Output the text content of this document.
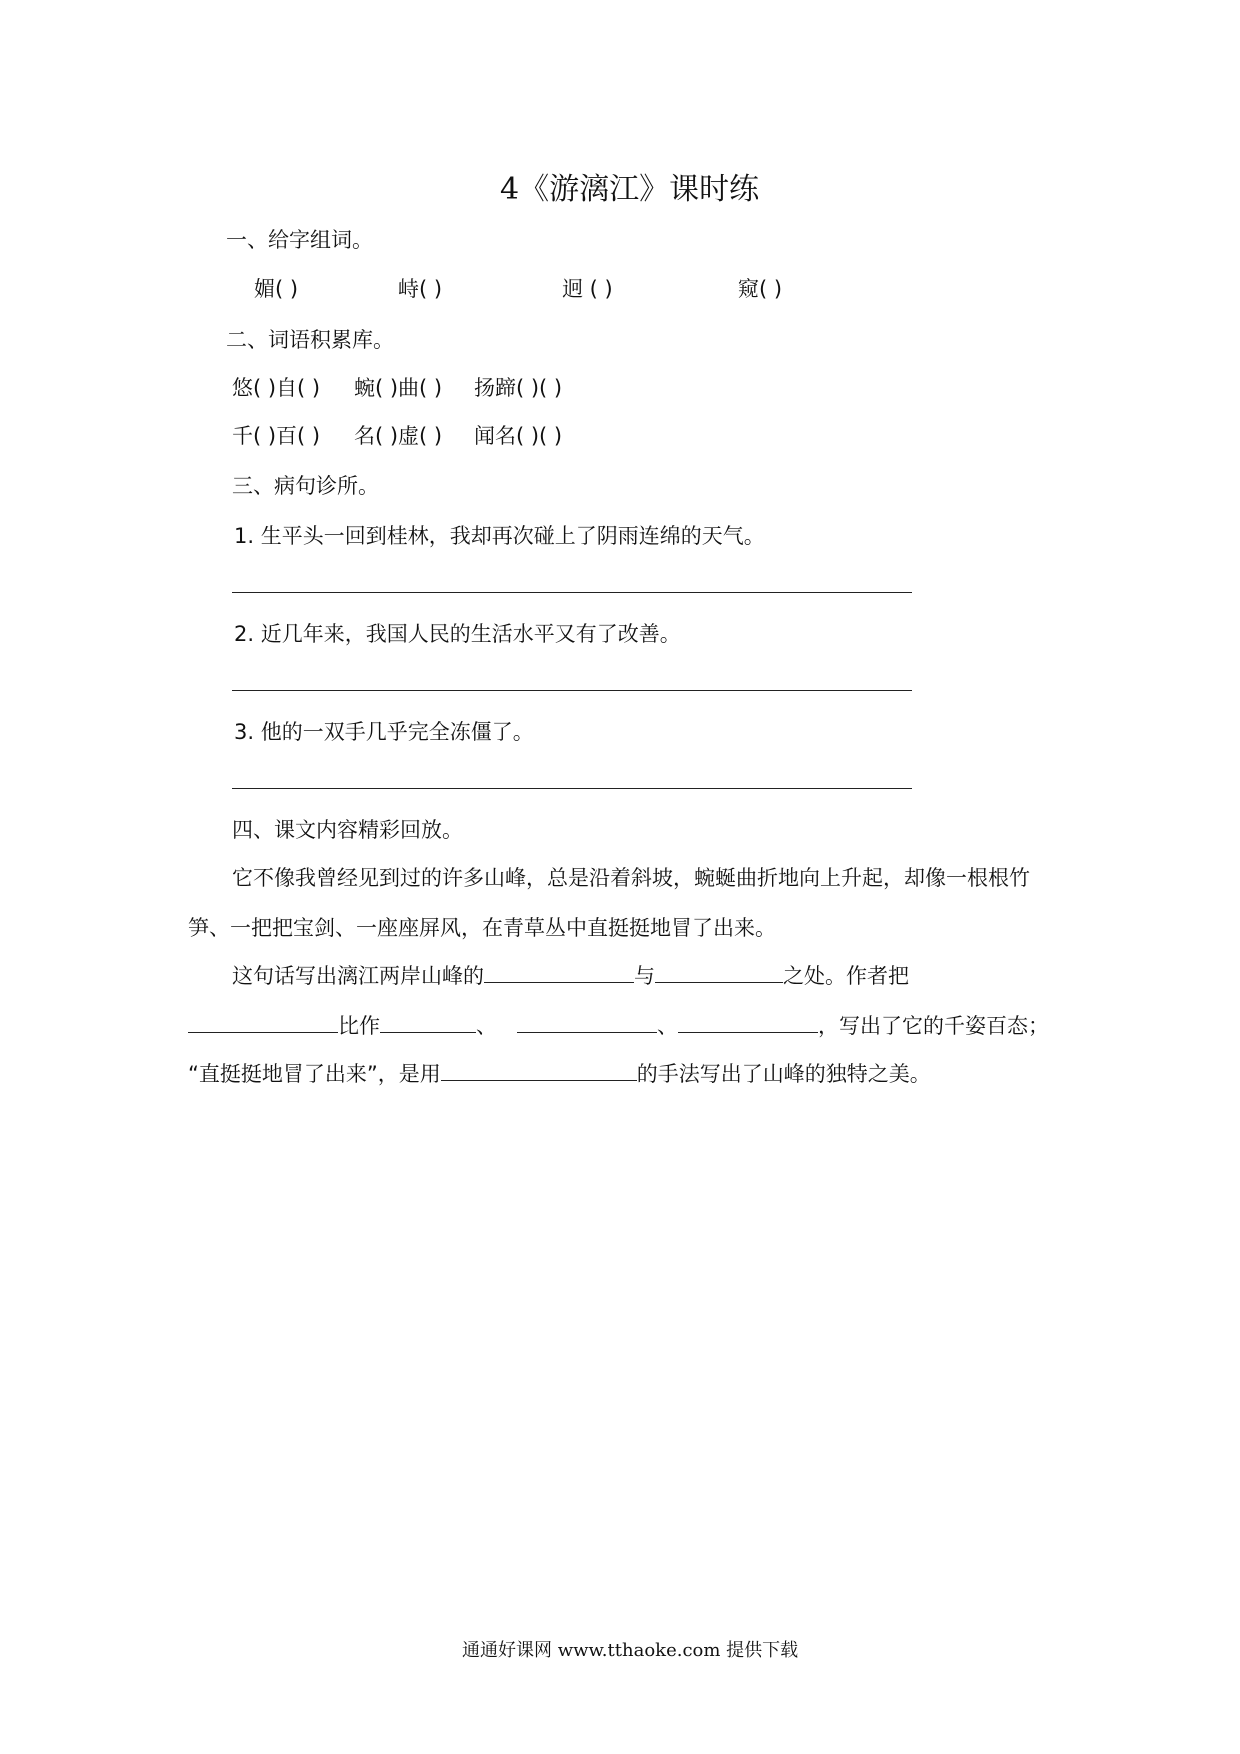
4《游漓江》课时练
一、给字组词。
媚( )	峙( )	迥 ( )	窥( )
二、词语积累库。
悠( )自( ) 蜿( )曲( ) 扬蹄( )( )
千( )百( ) 名( )虚( ) 闻名( )( )
三、病句诊所。
1. 生平头一回到桂林，我却再次碰上了阴雨连绵的天气。
2. 近几年来，我国人民的生活水平又有了改善。
3. 他的一双手几乎完全冻僵了。
四、课文内容精彩回放。
它不像我曾经见到过的许多山峰，总是沿着斜坡，蜿蜒曲折地向上升起，却像一根根竹
笋、一把把宝剑、一座座屏风，在青草丛中直挺挺地冒了出来。
这句话写出漓江两岸山峰的	与	之处。作者把
比作	、	、	，写出了它的千姿百态；
“直挺挺地冒了出来”，是用	的手法写出了山峰的独特之美。
通通好课网 www.tthaoke.com 提供下载
